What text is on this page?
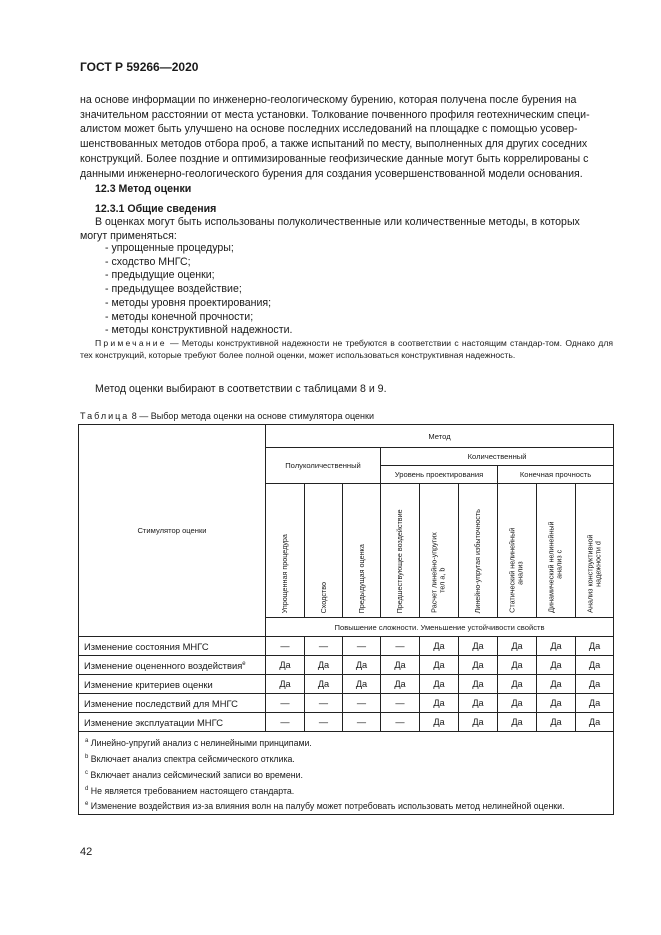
ГОСТ Р 59266—2020
на основе информации по инженерно-геологическому бурению, которая получена после бурения на
значительном расстоянии от места установки. Толкование почвенного профиля геотехническим специ-
алистом может быть улучшено на основе последних исследований на площадке с помощью усовер-
шенствованных методов отбора проб, а также испытаний по месту, выполненных для других соседних
конструкций. Более поздние и оптимизированные геофизические данные могут быть коррелированы с
данными инженерно-геологического бурения для создания усовершенствованной модели основания.
12.3 Метод оценки
12.3.1 Общие сведения
В оценках могут быть использованы полуколичественные или количественные методы, в которых
могут применяться:
- упрощенные процедуры;
- сходство МНГС;
- предыдущие оценки;
- предыдущее воздействие;
- методы уровня проектирования;
- методы конечной прочности;
- методы конструктивной надежности.
Примечание — Методы конструктивной надежности не требуются в соответствии с настоящим стандар-том. Однако для тех конструкций, которые требуют более полной оценки, может использоваться конструктивная надежность.
Метод оценки выбирают в соответствии с таблицами 8 и 9.
Таблица 8 — Выбор метода оценки на основе стимулятора оценки
Стимулятор оценки	Метод								
	Полуколичественный			Количественный					
				Уровень проектирования			Конечная прочность		

	Упрощенная процедура	Сходство	Предыдущая оценка	Предшествующее воздействие	Расчет линейно-упругих
тел a, b	Линейно-упругая избыточность	Статический нелинейный
анализ	Динамический нелинейный
анализ c	Анализ конструктивной
надежности d

	Повышение сложности. Уменьшение устойчивости свойств								
Изменение состояния МНГС	—	—	—	—	Да	Да	Да	Да	Да
Изменение оцененного воздействия$^e$	Да	Да	Да	Да	Да	Да	Да	Да	Да
Изменение критериев оценки	Да	Да	Да	Да	Да	Да	Да	Да	Да
Изменение последствий для МНГС	—	—	—	—	Да	Да	Да	Да	Да
Изменение эксплуатации МНГС	—	—	—	—	Да	Да	Да	Да	Да

$^a$ Линейно-упругий анализ с нелинейными принципами.
$^b$ Включает анализ спектра сейсмического отклика.
$^c$ Включает анализ сейсмический записи во времени.
$^d$ Не является требованием настоящего стандарта.
$^e$ Изменение воздействия из-за влияния волн на палубу может потребовать использовать метод нелинейной оценки.									
42
